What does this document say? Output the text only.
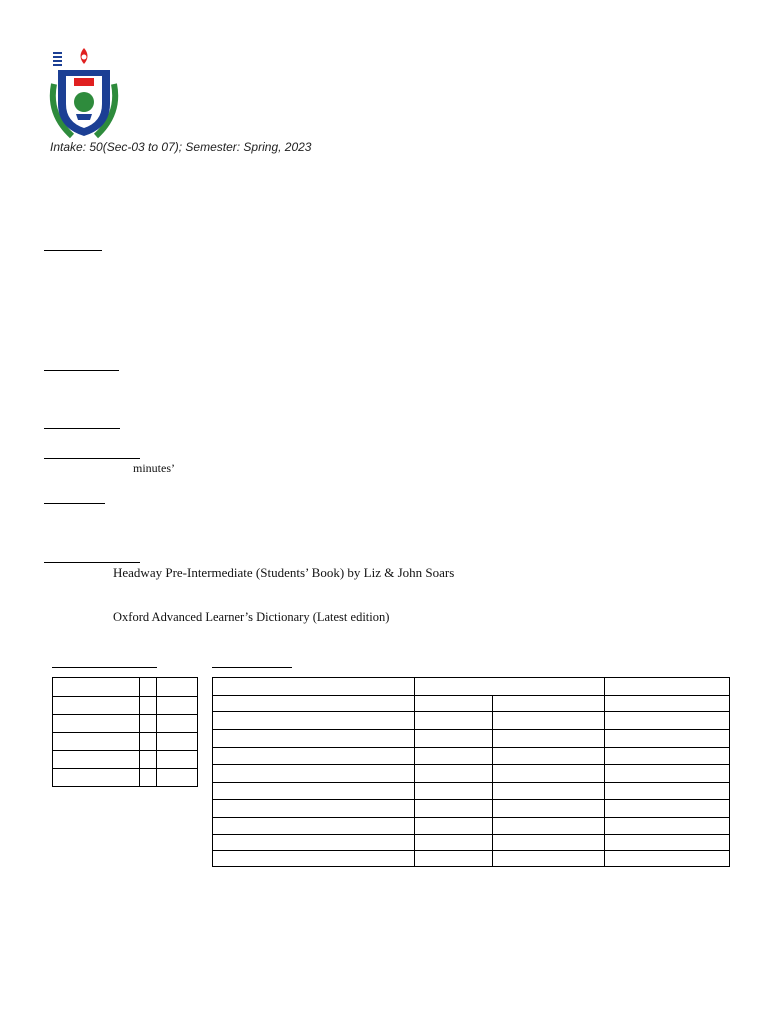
Intake: 50(Sec-03 to 07); Semester: Spring, 2023
minutes’
Headway Pre-Intermediate (Students’ Book) by Liz & John Soars
Oxford Advanced Learner’s Dictionary (Latest edition)
